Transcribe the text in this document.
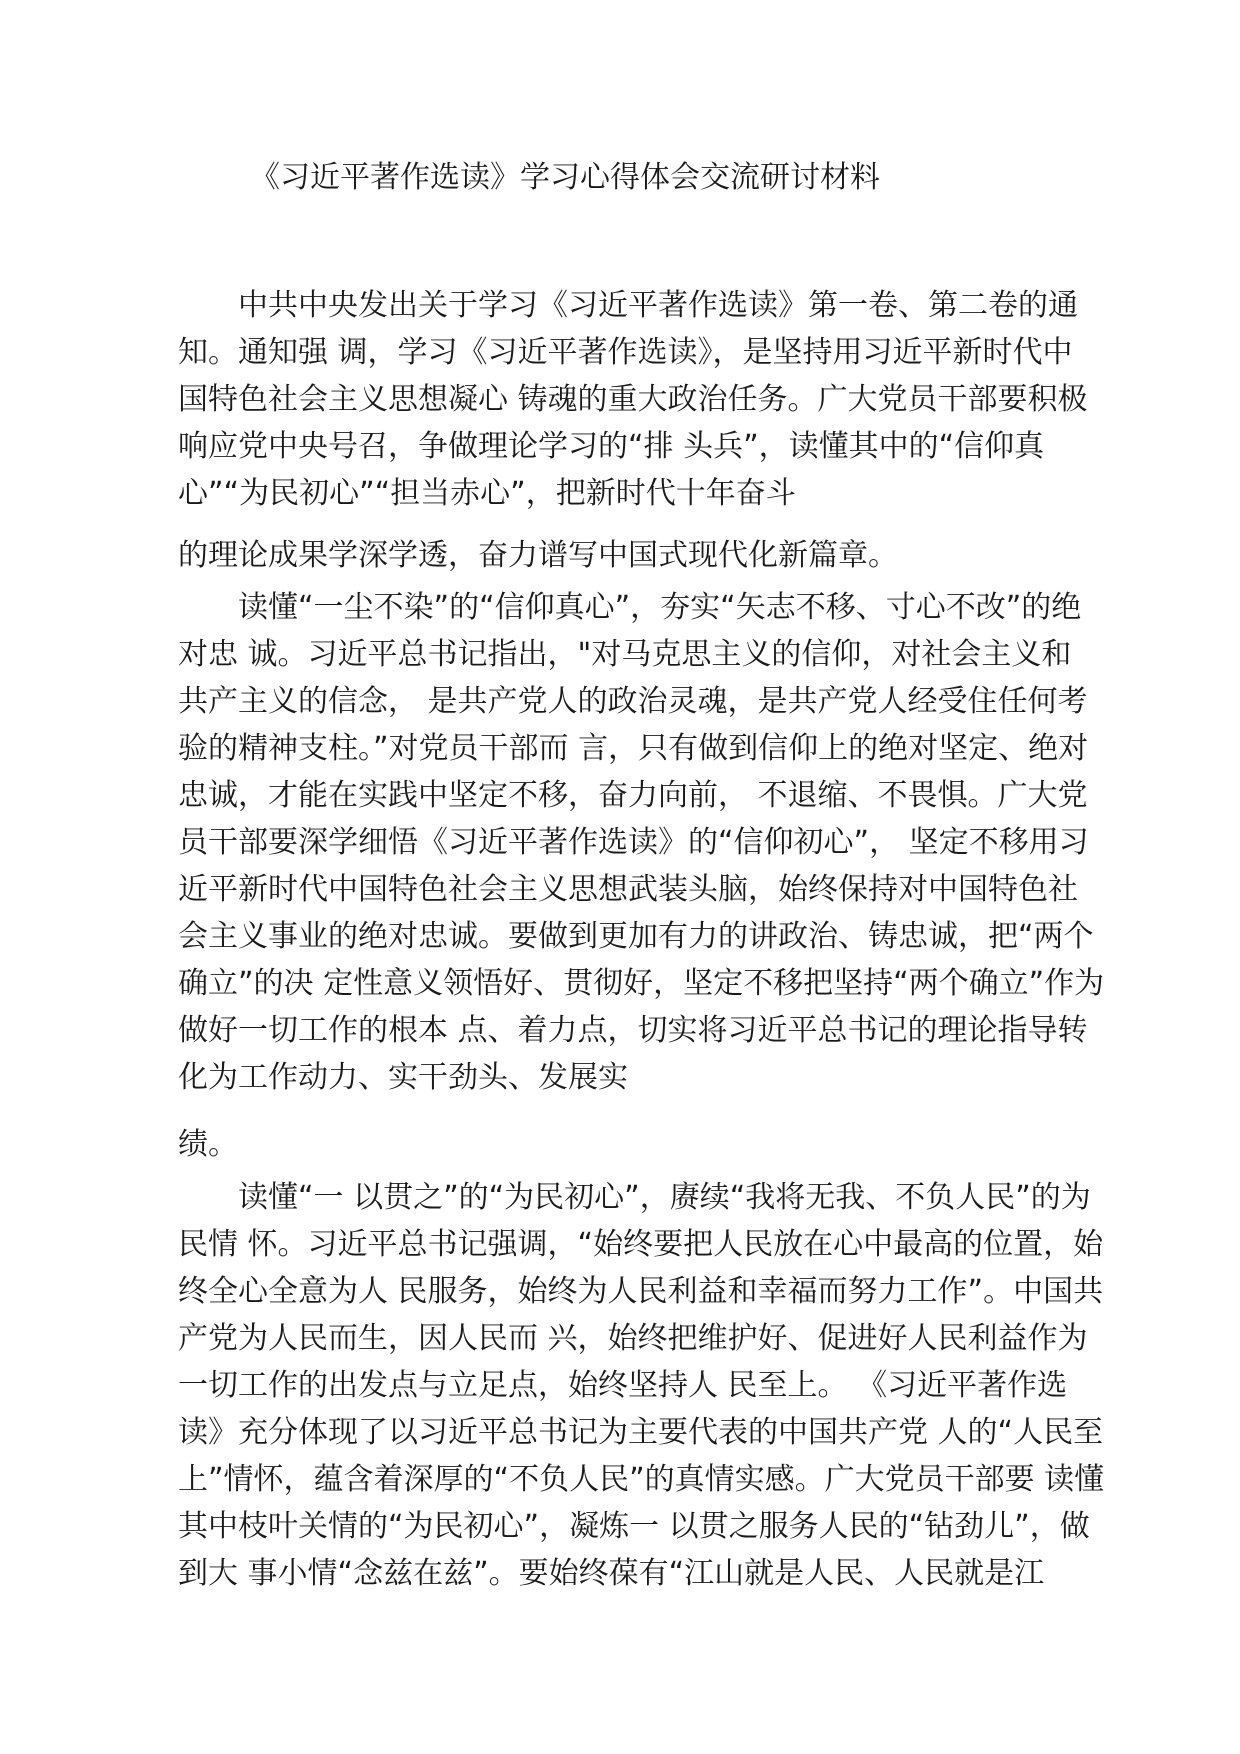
《习近平著作选读》学习心得体会交流研讨材料

　　中共中央发出关于学习《习近平著作选读》第一卷、第二卷的通

知。通知强 调，学习《习近平著作选读》，是坚持用习近平新时代中

国特色社会主义思想凝心 铸魂的重大政治任务。广大党员干部要积极

响应党中央号召，争做理论学习的“排 头兵”，读懂其中的“信仰真

心”“为民初心”“担当赤心”，把新时代十年奋斗

的理论成果学深学透，奋力谱写中国式现代化新篇章。

　　读懂“一尘不染”的“信仰真心”，夯实“矢志不移、寸心不改”的绝

对忠 诚。习近平总书记指出，"对马克思主义的信仰，对社会主义和

共产主义的信念， 是共产党人的政治灵魂，是共产党人经受住任何考

验的精神支柱。”对党员干部而 言，只有做到信仰上的绝对坚定、绝对

忠诚，才能在实践中坚定不移，奋力向前， 不退缩、不畏惧。广大党

员干部要深学细悟《习近平著作选读》的“信仰初心”， 坚定不移用习

近平新时代中国特色社会主义思想武装头脑，始终保持对中国特色社

会主义事业的绝对忠诚。要做到更加有力的讲政治、铸忠诚，把“两个

确立”的决 定性意义领悟好、贯彻好，坚定不移把坚持“两个确立”作为

做好一切工作的根本 点、着力点，切实将习近平总书记的理论指导转

化为工作动力、实干劲头、发展实

绩。

　　读懂“一 以贯之”的“为民初心”，赓续“我将无我、不负人民”的为

民情 怀。习近平总书记强调，“始终要把人民放在心中最高的位置，始

终全心全意为人 民服务，始终为人民利益和幸福而努力工作”。中国共

产党为人民而生，因人民而 兴，始终把维护好、促进好人民利益作为

一切工作的出发点与立足点，始终坚持人 民至上。 《习近平著作选

读》充分体现了以习近平总书记为主要代表的中国共产党 人的“人民至

上”情怀，蕴含着深厚的“不负人民”的真情实感。广大党员干部要 读懂

其中枝叶关情的“为民初心”，凝炼一 以贯之服务人民的“钻劲儿”，做

到大 事小情“念兹在兹”。要始终葆有“江山就是人民、人民就是江
